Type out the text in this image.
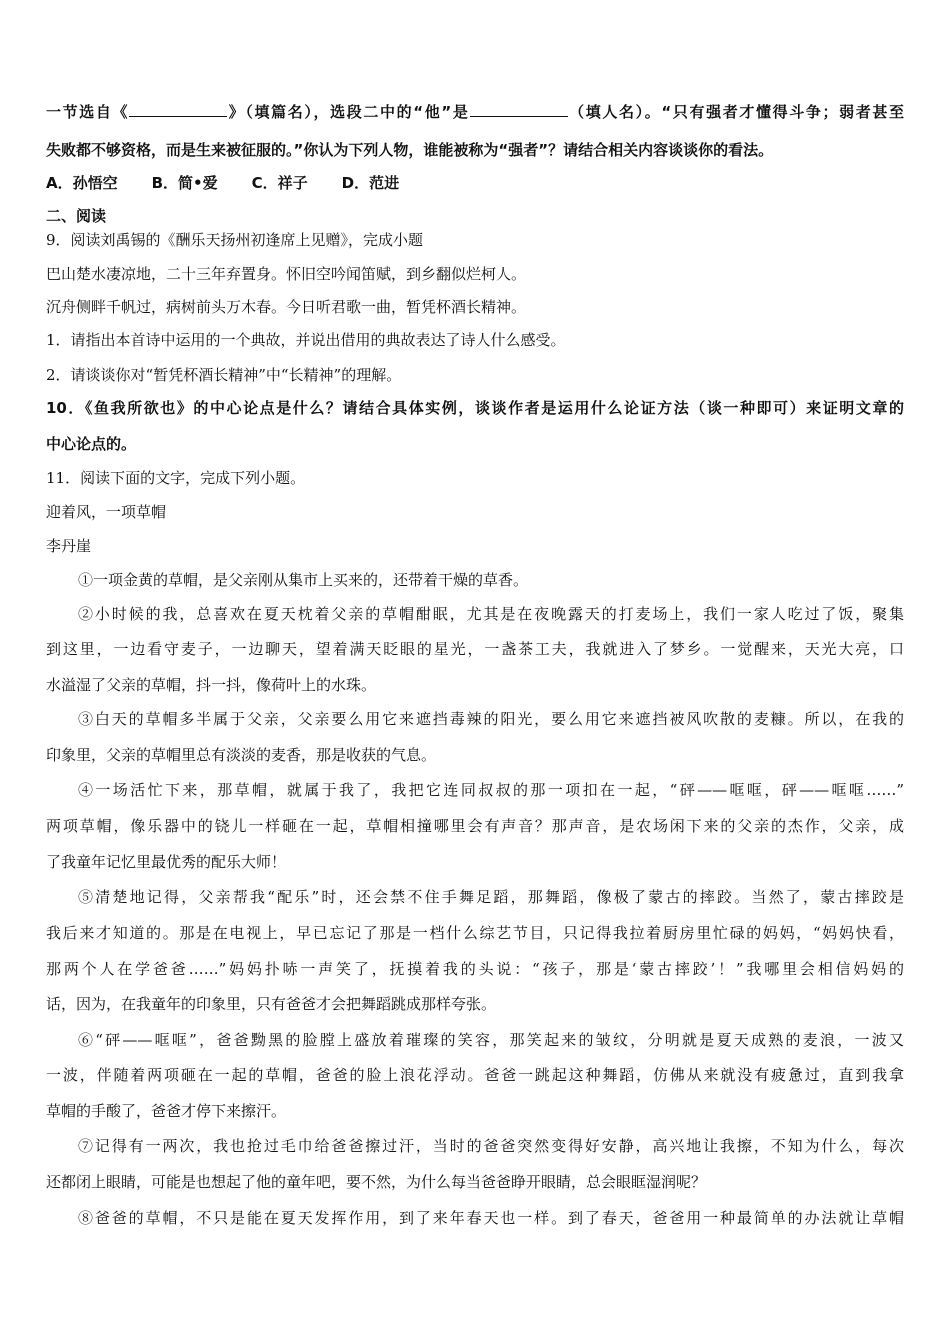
一节选自《	》（填篇名），选段二中的“他”是	（填人名）。“只有强者才懂得斗争；弱者甚至
失败都不够资格，而是生来被征服的。”你认为下列人物，谁能被称为“强者”？请结合相关内容谈谈你的看法。
A．孙悟空 B．简•爱 C．祥子 D．范进
二、阅读
9．阅读刘禹锡的《酬乐天扬州初逢席上见赠》，完成小题
巴山楚水凄凉地，二十三年弃置身。怀旧空吟闻笛赋，到乡翻似烂柯人。
沉舟侧畔千帆过，病树前头万木春。今日听君歌一曲，暂凭杯酒长精神。
1．请指出本首诗中运用的一个典故，并说出借用的典故表达了诗人什么感受。
2．请谈谈你对“暂凭杯酒长精神”中“长精神”的理解。
10．《鱼我所欲也》的中心论点是什么？请结合具体实例，谈谈作者是运用什么论证方法（谈一种即可）来证明文章的
中心论点的。
11．阅读下面的文字，完成下列小题。
迎着风，一项草帽
李丹崖
①一项金黄的草帽，是父亲刚从集市上买来的，还带着干燥的草香。
②小时候的我，总喜欢在夏天枕着父亲的草帽酣眠，尤其是在夜晚露天的打麦场上，我们一家人吃过了饭，聚集
到这里，一边看守麦子，一边聊天，望着满天眨眼的星光，一盏茶工夫，我就进入了梦乡。一觉醒来，天光大亮，口
水溢湿了父亲的草帽，抖一抖，像荷叶上的水珠。
③白天的草帽多半属于父亲，父亲要么用它来遮挡毒辣的阳光，要么用它来遮挡被风吹散的麦糠。所以，在我的
印象里，父亲的草帽里总有淡淡的麦香，那是收获的气息。
④一场活忙下来，那草帽，就属于我了，我把它连同叔叔的那一项扣在一起，“砰——哐哐，砰——哐哐……”
两项草帽，像乐器中的铙儿一样砸在一起，草帽相撞哪里会有声音？那声音，是农场闲下来的父亲的杰作，父亲，成
了我童年记忆里最优秀的配乐大师！
⑤清楚地记得，父亲帮我“配乐”时，还会禁不住手舞足蹈，那舞蹈，像极了蒙古的摔跤。当然了，蒙古摔跤是
我后来才知道的。那是在电视上，早已忘记了那是一档什么综艺节目，只记得我拉着厨房里忙碌的妈妈，“妈妈快看，
那两个人在学爸爸……”妈妈扑哧一声笑了，抚摸着我的头说：“孩子，那是‘蒙古摔跤’！”我哪里会相信妈妈的
话，因为，在我童年的印象里，只有爸爸才会把舞蹈跳成那样夸张。
⑥“砰——哐哐”，爸爸黝黑的脸膛上盛放着璀璨的笑容，那笑起来的皱纹，分明就是夏天成熟的麦浪，一波又
一波，伴随着两项砸在一起的草帽，爸爸的脸上浪花浮动。爸爸一跳起这种舞蹈，仿佛从来就没有疲惫过，直到我拿
草帽的手酸了，爸爸才停下来擦汗。
⑦记得有一两次，我也抢过毛巾给爸爸擦过汗，当时的爸爸突然变得好安静，高兴地让我擦，不知为什么，每次
还都闭上眼睛，可能是也想起了他的童年吧，要不然，为什么每当爸爸睁开眼睛，总会眼眶湿润呢？
⑧爸爸的草帽，不只是能在夏天发挥作用，到了来年春天也一样。到了春天，爸爸用一种最简单的办法就让草帽
